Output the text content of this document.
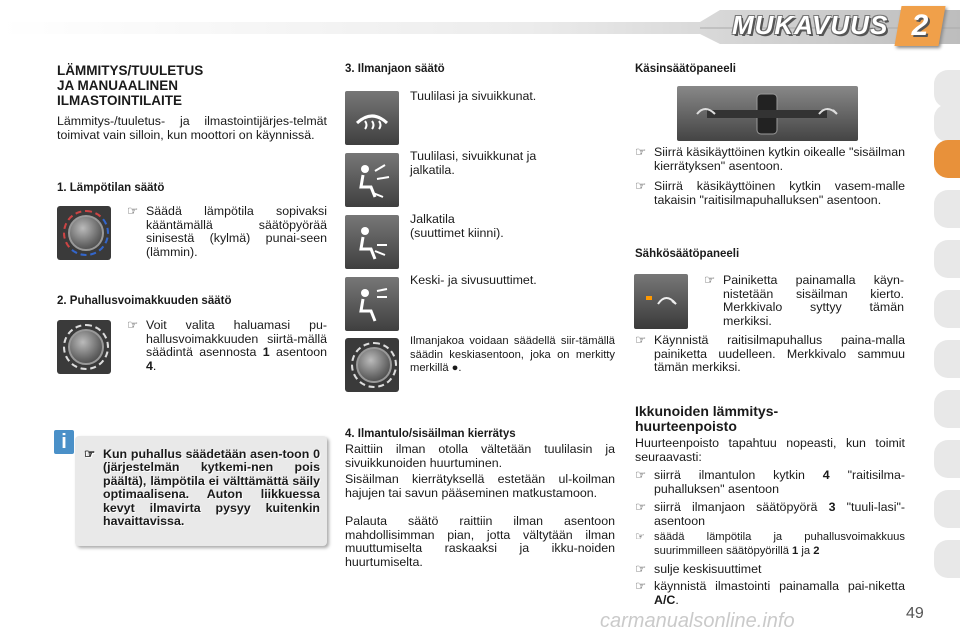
MUKAVUUS 2
LÄMMITYS/TUULETUS
JA MANUAALINEN
ILMASTOINTILAITE
Lämmitys-/tuuletus- ja ilmastointijärjes-telmät toimivat vain silloin, kun moottori on käynnissä.
1. Lämpötilan säätö
☞ Säädä lämpötila sopivaksi kääntämällä säätöpyörää sinisestä (kylmä) punai-seen (lämmin).
2. Puhallusvoimakkuuden säätö
☞ Voit valita haluamasi pu-hallusvoimakkuuden siirtä-mällä säädintä asennosta 1 asentoon 4.
i
☞ Kun puhallus säädetään asen-toon 0 (järjestelmän kytkemi-nen pois päältä), lämpötila ei välttämättä säily optimaalisena. Auton liikkuessa kevyt ilmavirta pysyy kuitenkin havaittavissa.
3. Ilmanjaon säätö
Tuulilasi ja sivuikkunat.
Tuulilasi, sivuikkunat ja jalkatila.
Jalkatila
(suuttimet kiinni).
Keski- ja sivusuuttimet.
Ilmanjakoa voidaan säädellä siir-tämällä säädin keskiasentoon, joka on merkitty merkillä ●.
4. Ilmantulo/sisäilman kierrätys
Raittiin ilman otolla vältetään tuulilasin ja sivuikkunoiden huurtuminen.
Sisäilman kierrätyksellä estetään ul-koilman hajujen tai savun pääseminen matkustamoon.
Palauta säätö raittiin ilman asentoon mahdollisimman pian, jotta vältytään ilman muuttumiselta raskaaksi ja ikku-noiden huurtumiselta.
Käsinsäätöpaneeli
☞ Siirrä käsikäyttöinen kytkin oikealle "sisäilman kierrätyksen" asentoon.
☞ Siirrä käsikäyttöinen kytkin vasem-malle takaisin "raitisilmapuhalluksen" asentoon.
Sähkösäätöpaneeli
☞ Painiketta painamalla käyn-nistetään sisäilman kierto. Merkkivalo syttyy tämän merkiksi.
☞ Käynnistä raitisilmapuhallus paina-malla painiketta uudelleen. Merkkivalo sammuu tämän merkiksi.
Ikkunoiden lämmitys-
huurteenpoisto
Huurteenpoisto tapahtuu nopeasti, kun toimit seuraavasti:
☞ siirrä ilmantulon kytkin 4 "raitisilma-puhalluksen" asentoon
☞ siirrä ilmanjaon säätöpyörä 3 "tuuli-lasi"-asentoon
☞ säädä lämpötila ja puhallusvoimakkuus suurimmilleen säätöpyörillä 1 ja 2
☞ sulje keskisuuttimet
☞ käynnistä ilmastointi painamalla pai-niketta A/C.
carmanualsonline.info	49
